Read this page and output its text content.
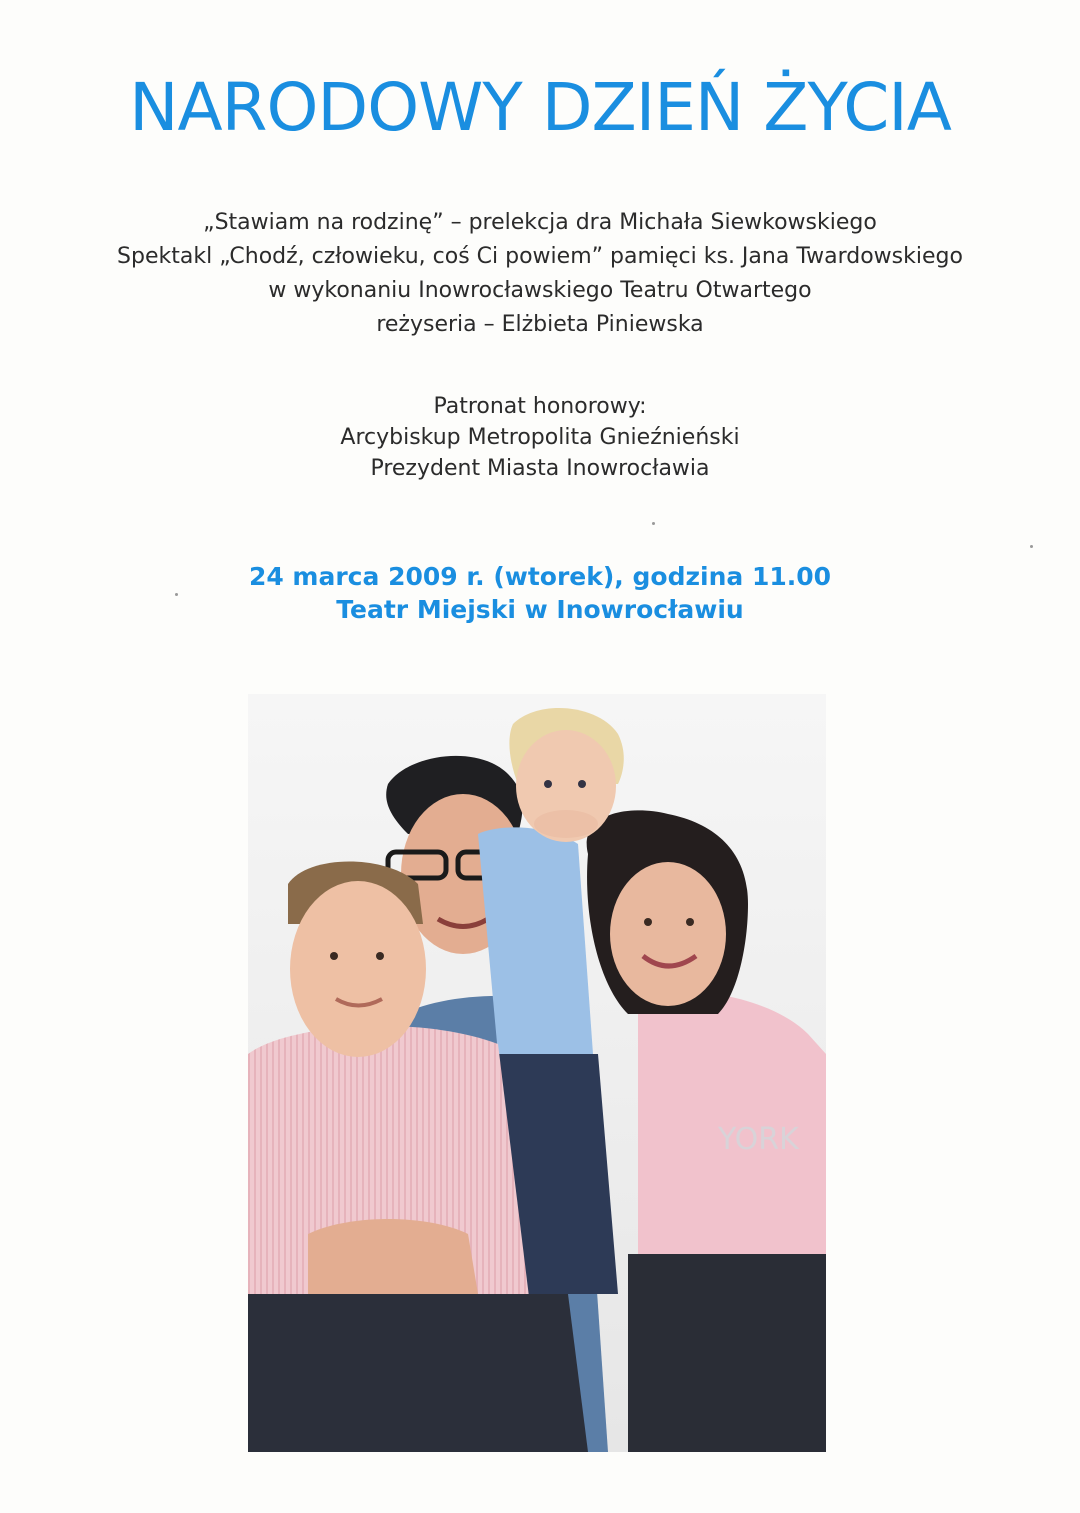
NARODOWY DZIEŃ ŻYCIA
„Stawiam na rodzinę” – prelekcja dra Michała Siewkowskiego
Spektakl „Chodź, człowieku, coś Ci powiem” pamięci ks. Jana Twardowskiego
w wykonaniu Inowrocławskiego Teatru Otwartego
reżyseria – Elżbieta Piniewska
Patronat honorowy:
Arcybiskup Metropolita Gnieźnieński
Prezydent Miasta Inowrocławia
24 marca 2009 r. (wtorek), godzina 11.00
Teatr Miejski w Inowrocławiu
YORK
